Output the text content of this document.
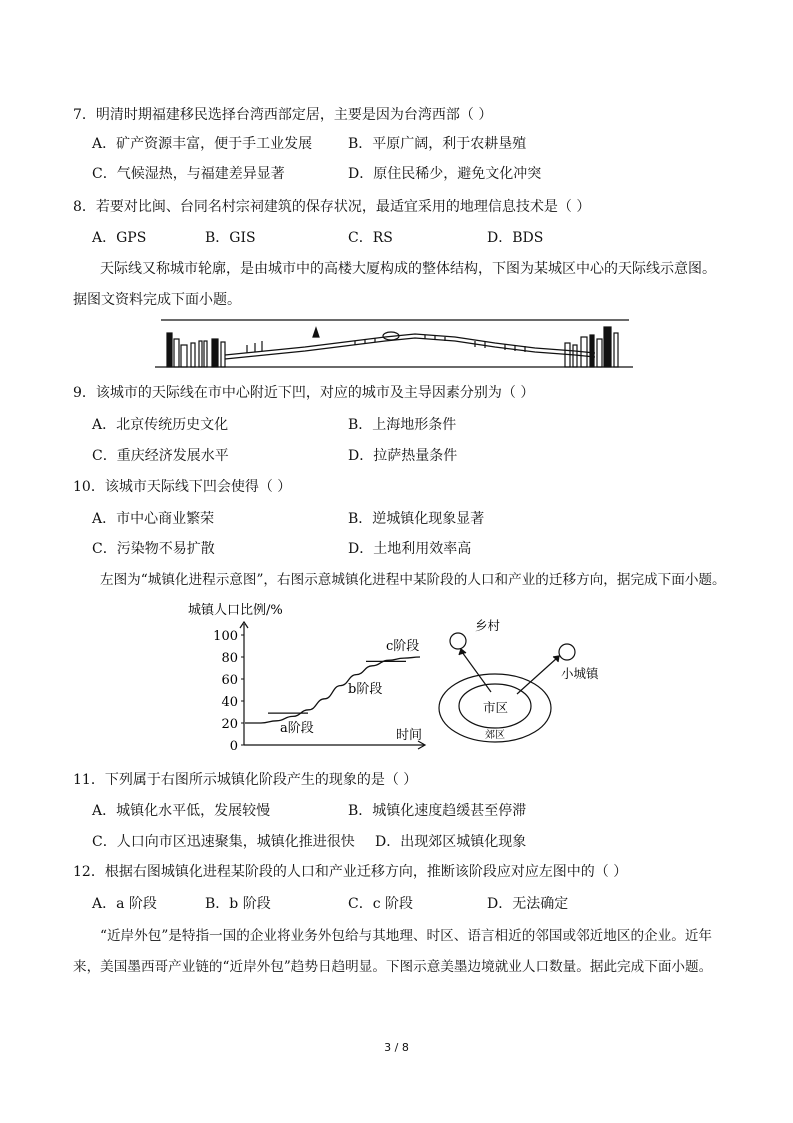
7．明清时期福建移民选择台湾西部定居，主要是因为台湾西部（ ）
A．矿产资源丰富，便于手工业发展	B．平原广阔，利于农耕垦殖
C．气候湿热，与福建差异显著	D．原住民稀少，避免文化冲突
8．若要对比闽、台同名村宗祠建筑的保存状况，最适宜采用的地理信息技术是（ ）
A．GPS	B．GIS	C．RS	D．BDS
天际线又称城市轮廓，是由城市中的高楼大厦构成的整体结构，下图为某城区中心的天际线示意图。
据图文资料完成下面小题。
9．该城市的天际线在市中心附近下凹，对应的城市及主导因素分别为（ ）
A．北京传统历史文化	B．上海地形条件
C．重庆经济发展水平	D．拉萨热量条件
10．该城市天际线下凹会使得（ ）
A．市中心商业繁荣	B．逆城镇化现象显著
C．污染物不易扩散	D．土地利用效率高
左图为“城镇化进程示意图”，右图示意城镇化进程中某阶段的人口和产业的迁移方向，据完成下面小题。
城镇人口比例/%
100
80
60
40
20
0
a阶段
b阶段
c阶段
时间
乡村
小城镇
市区
郊区
11．下列属于右图所示城镇化阶段产生的现象的是（ ）
A．城镇化水平低，发展较慢	B．城镇化速度趋缓甚至停滞
C．人口向市区迅速聚集，城镇化推进很快 D．出现郊区城镇化现象
12．根据右图城镇化进程某阶段的人口和产业迁移方向，推断该阶段应对应左图中的（ ）
A．a 阶段	B．b 阶段	C．c 阶段	D．无法确定
“近岸外包”是特指一国的企业将业务外包给与其地理、时区、语言相近的邻国或邻近地区的企业。近年
来，美国墨西哥产业链的“近岸外包”趋势日趋明显。下图示意美墨边境就业人口数量。据此完成下面小题。
3 / 8
